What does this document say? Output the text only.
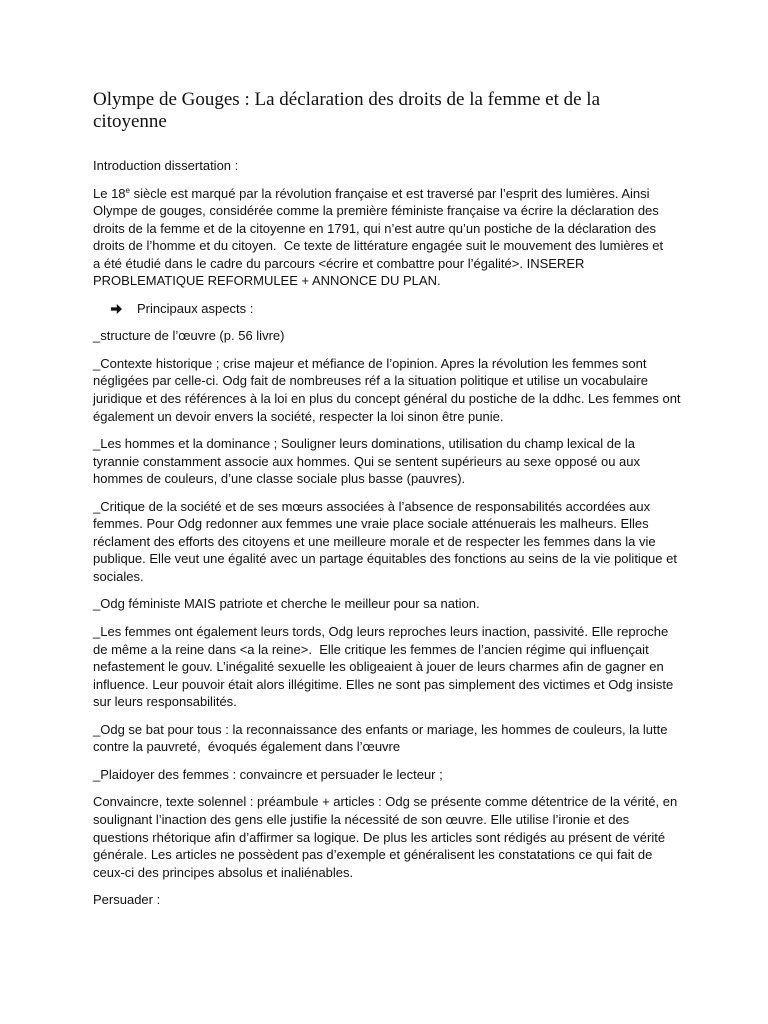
Olympe de Gouges : La déclaration des droits de la femme et de la
citoyenne

Introduction dissertation :

Le 18e siècle est marqué par la révolution française et est traversé par l’esprit des lumières. Ainsi
Olympe de gouges, considérée comme la première féministe française va écrire la déclaration des
droits de la femme et de la citoyenne en 1791, qui n’est autre qu’un postiche de la déclaration des
droits de l’homme et du citoyen.  Ce texte de littérature engagée suit le mouvement des lumières et
a été étudié dans le cadre du parcours <écrire et combattre pour l’égalité>. INSERER
PROBLEMATIQUE REFORMULEE + ANNONCE DU PLAN.

Principaux aspects :

_structure de l’œuvre (p. 56 livre)

_Contexte historique ; crise majeur et méfiance de l’opinion. Apres la révolution les femmes sont
négligées par celle-ci. Odg fait de nombreuses réf a la situation politique et utilise un vocabulaire
juridique et des références à la loi en plus du concept général du postiche de la ddhc. Les femmes ont
également un devoir envers la société, respecter la loi sinon être punie.

_Les hommes et la dominance ; Souligner leurs dominations, utilisation du champ lexical de la
tyrannie constamment associe aux hommes. Qui se sentent supérieurs au sexe opposé ou aux
hommes de couleurs, d’une classe sociale plus basse (pauvres).

_Critique de la société et de ses mœurs associées à l’absence de responsabilités accordées aux
femmes. Pour Odg redonner aux femmes une vraie place sociale atténuerais les malheurs. Elles
réclament des efforts des citoyens et une meilleure morale et de respecter les femmes dans la vie
publique. Elle veut une égalité avec un partage équitables des fonctions au seins de la vie politique et
sociales.

_Odg féministe MAIS patriote et cherche le meilleur pour sa nation.

_Les femmes ont également leurs tords, Odg leurs reproches leurs inaction, passivité. Elle reproche
de même a la reine dans <a la reine>.  Elle critique les femmes de l’ancien régime qui influençait
nefastement le gouv. L’inégalité sexuelle les obligeaient à jouer de leurs charmes afin de gagner en
influence. Leur pouvoir était alors illégitime. Elles ne sont pas simplement des victimes et Odg insiste
sur leurs responsabilités.

_Odg se bat pour tous : la reconnaissance des enfants or mariage, les hommes de couleurs, la lutte
contre la pauvreté,  évoqués également dans l’œuvre

_Plaidoyer des femmes : convaincre et persuader le lecteur ;

Convaincre, texte solennel : préambule + articles : Odg se présente comme détentrice de la vérité, en
soulignant l’inaction des gens elle justifie la nécessité de son œuvre. Elle utilise l’ironie et des
questions rhétorique afin d’affirmer sa logique. De plus les articles sont rédigés au présent de vérité
générale. Les articles ne possèdent pas d’exemple et généralisent les constatations ce qui fait de
ceux-ci des principes absolus et inaliénables.

Persuader :
